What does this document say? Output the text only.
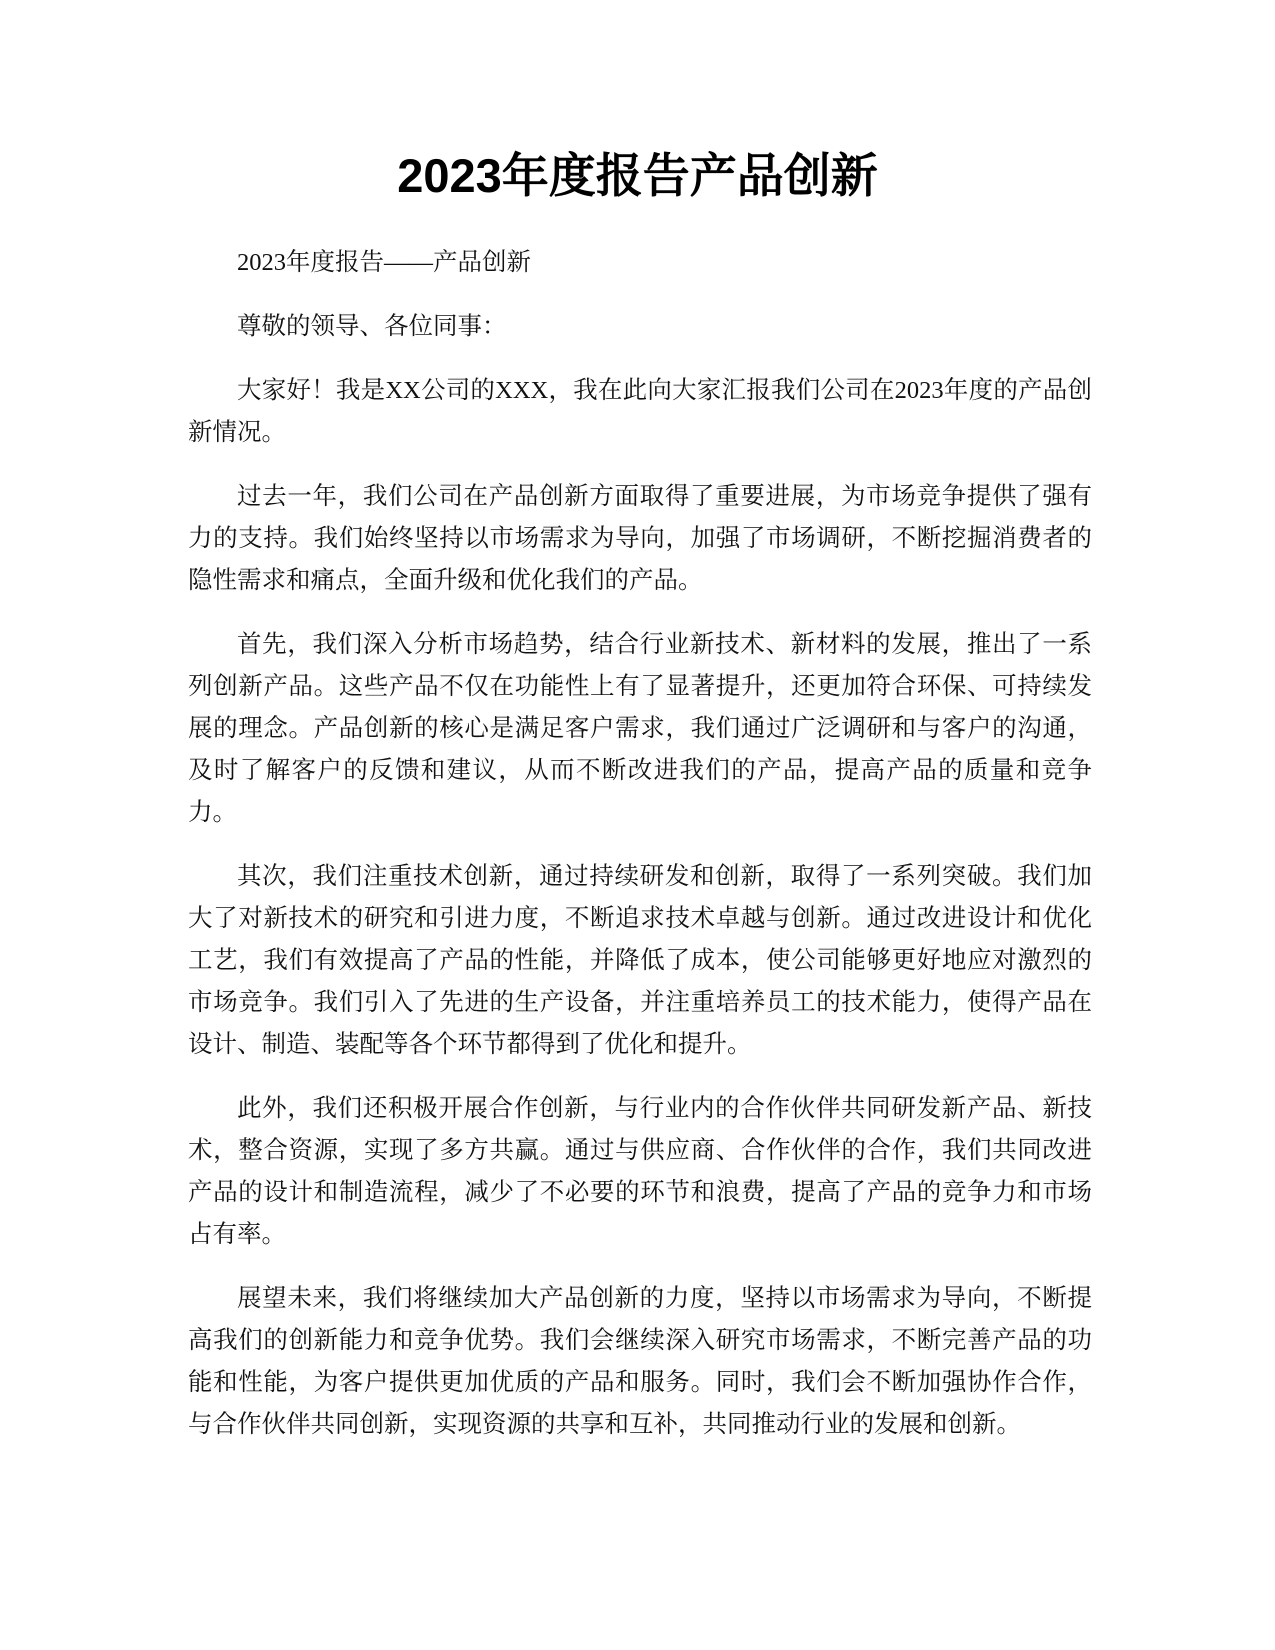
2023年度报告产品创新

2023年度报告——产品创新

尊敬的领导、各位同事：

大家好！我是XX公司的XXX，我在此向大家汇报我们公司在2023年度的产品创新情况。

过去一年，我们公司在产品创新方面取得了重要进展，为市场竞争提供了强有力的支持。我们始终坚持以市场需求为导向，加强了市场调研，不断挖掘消费者的隐性需求和痛点，全面升级和优化我们的产品。

首先，我们深入分析市场趋势，结合行业新技术、新材料的发展，推出了一系列创新产品。这些产品不仅在功能性上有了显著提升，还更加符合环保、可持续发展的理念。产品创新的核心是满足客户需求，我们通过广泛调研和与客户的沟通，及时了解客户的反馈和建议，从而不断改进我们的产品，提高产品的质量和竞争力。

其次，我们注重技术创新，通过持续研发和创新，取得了一系列突破。我们加大了对新技术的研究和引进力度，不断追求技术卓越与创新。通过改进设计和优化工艺，我们有效提高了产品的性能，并降低了成本，使公司能够更好地应对激烈的市场竞争。我们引入了先进的生产设备，并注重培养员工的技术能力，使得产品在设计、制造、装配等各个环节都得到了优化和提升。

此外，我们还积极开展合作创新，与行业内的合作伙伴共同研发新产品、新技术，整合资源，实现了多方共赢。通过与供应商、合作伙伴的合作，我们共同改进产品的设计和制造流程，减少了不必要的环节和浪费，提高了产品的竞争力和市场占有率。

展望未来，我们将继续加大产品创新的力度，坚持以市场需求为导向，不断提高我们的创新能力和竞争优势。我们会继续深入研究市场需求，不断完善产品的功能和性能，为客户提供更加优质的产品和服务。同时，我们会不断加强协作合作，与合作伙伴共同创新，实现资源的共享和互补，共同推动行业的发展和创新。
